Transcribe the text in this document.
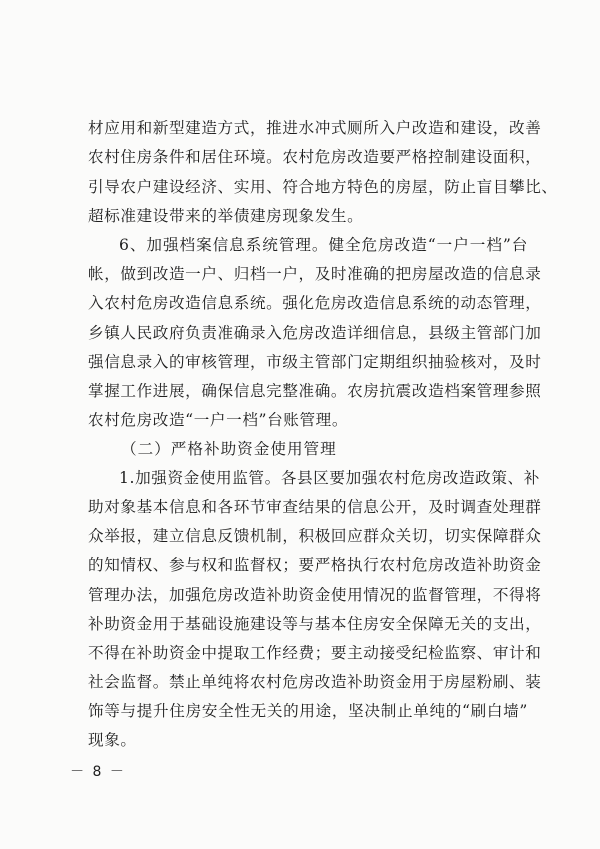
材应用和新型建造方式，推进水冲式厕所入户改造和建设，改善
农村住房条件和居住环境。农村危房改造要严格控制建设面积，
引导农户建设经济、实用、符合地方特色的房屋，防止盲目攀比、
超标准建设带来的举债建房现象发生。
6、加强档案信息系统管理。健全危房改造“一户一档”台
帐，做到改造一户、归档一户，及时准确的把房屋改造的信息录
入农村危房改造信息系统。强化危房改造信息系统的动态管理，
乡镇人民政府负责准确录入危房改造详细信息，县级主管部门加
强信息录入的审核管理，市级主管部门定期组织抽验核对，及时
掌握工作进展，确保信息完整准确。农房抗震改造档案管理参照
农村危房改造“一户一档”台账管理。
（二）严格补助资金使用管理
1.加强资金使用监管。各县区要加强农村危房改造政策、补
助对象基本信息和各环节审查结果的信息公开，及时调查处理群
众举报，建立信息反馈机制，积极回应群众关切，切实保障群众
的知情权、参与权和监督权；要严格执行农村危房改造补助资金
管理办法，加强危房改造补助资金使用情况的监督管理，不得将
补助资金用于基础设施建设等与基本住房安全保障无关的支出，
不得在补助资金中提取工作经费；要主动接受纪检监察、审计和
社会监督。禁止单纯将农村危房改造补助资金用于房屋粉刷、装
饰等与提升住房安全性无关的用途，坚决制止单纯的“刷白墙”
现象。
－ 8 －
